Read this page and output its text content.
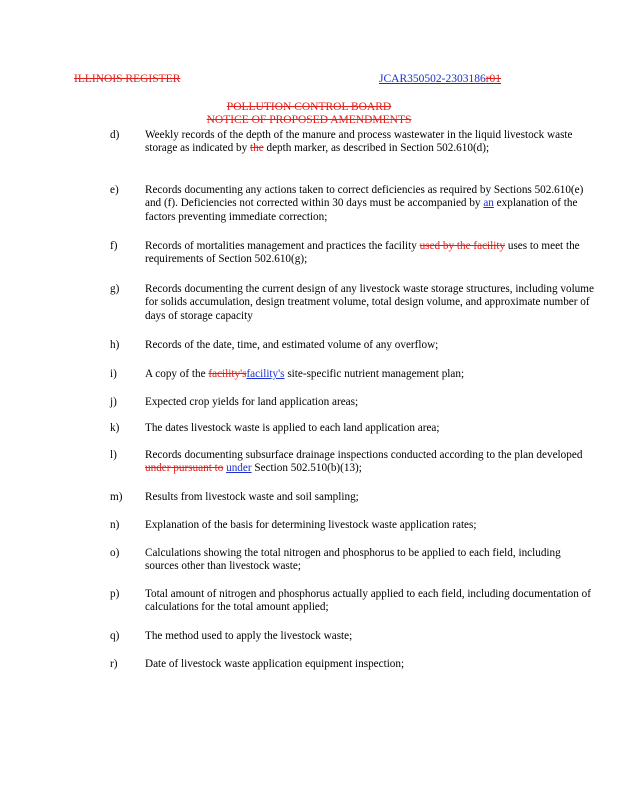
ILLINOIS REGISTER	JCAR350502-2303186r01
POLLUTION CONTROL BOARD
NOTICE OF PROPOSED AMENDMENTS
d) Weekly records of the depth of the manure and process wastewater in the liquid livestock waste storage as indicated by the depth marker, as described in Section 502.610(d);
e) Records documenting any actions taken to correct deficiencies as required by Sections 502.610(e) and (f). Deficiencies not corrected within 30 days must be accompanied by an explanation of the factors preventing immediate correction;
f) Records of mortalities management and practices the facility used by the facility uses to meet the requirements of Section 502.610(g);
g) Records documenting the current design of any livestock waste storage structures, including volume for solids accumulation, design treatment volume, total design volume, and approximate number of days of storage capacity
h) Records of the date, time, and estimated volume of any overflow;
i)	A copy of the facility'sfacility's site-specific nutrient management plan;
j)	Expected crop yields for land application areas;
k) The dates livestock waste is applied to each land application area;
l)	Records documenting subsurface drainage inspections conducted according to the plan developed under pursuant to under Section 502.510(b)(13);
m) Results from livestock waste and soil sampling;
n) Explanation of the basis for determining livestock waste application rates;
o) Calculations showing the total nitrogen and phosphorus to be applied to each field, including sources other than livestock waste;
p) Total amount of nitrogen and phosphorus actually applied to each field, including documentation of calculations for the total amount applied;
q) The method used to apply the livestock waste;
r) Date of livestock waste application equipment inspection;
